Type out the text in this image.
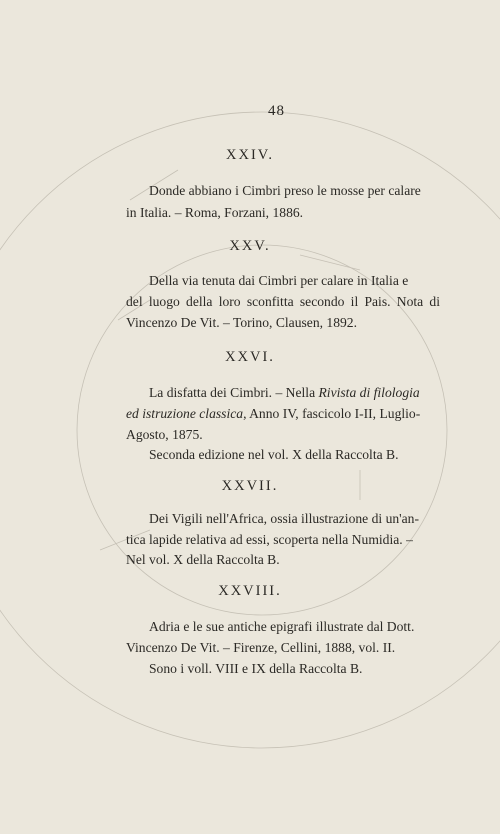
48
XXIV.
Donde abbiano i Cimbri preso le mosse per calare
in Italia. – Roma, Forzani, 1886.
XXV.
Della via tenuta dai Cimbri per calare in Italia e
del luogo della loro sconfitta secondo il Pais. Nota di
Vincenzo De Vit. – Torino, Clausen, 1892.
XXVI.
La disfatta dei Cimbri. – Nella Rivista di filologia
ed istruzione classica, Anno IV, fascicolo I-II, Luglio-
Agosto, 1875.
Seconda edizione nel vol. X della Raccolta B.
XXVII.
Dei Vigili nell'Africa, ossia illustrazione di un'an-
tica lapide relativa ad essi, scoperta nella Numidia. –
Nel vol. X della Raccolta B.
XXVIII.
Adria e le sue antiche epigrafi illustrate dal Dott.
Vincenzo De Vit. – Firenze, Cellini, 1888, vol. II.
Sono i voll. VIII e IX della Raccolta B.
